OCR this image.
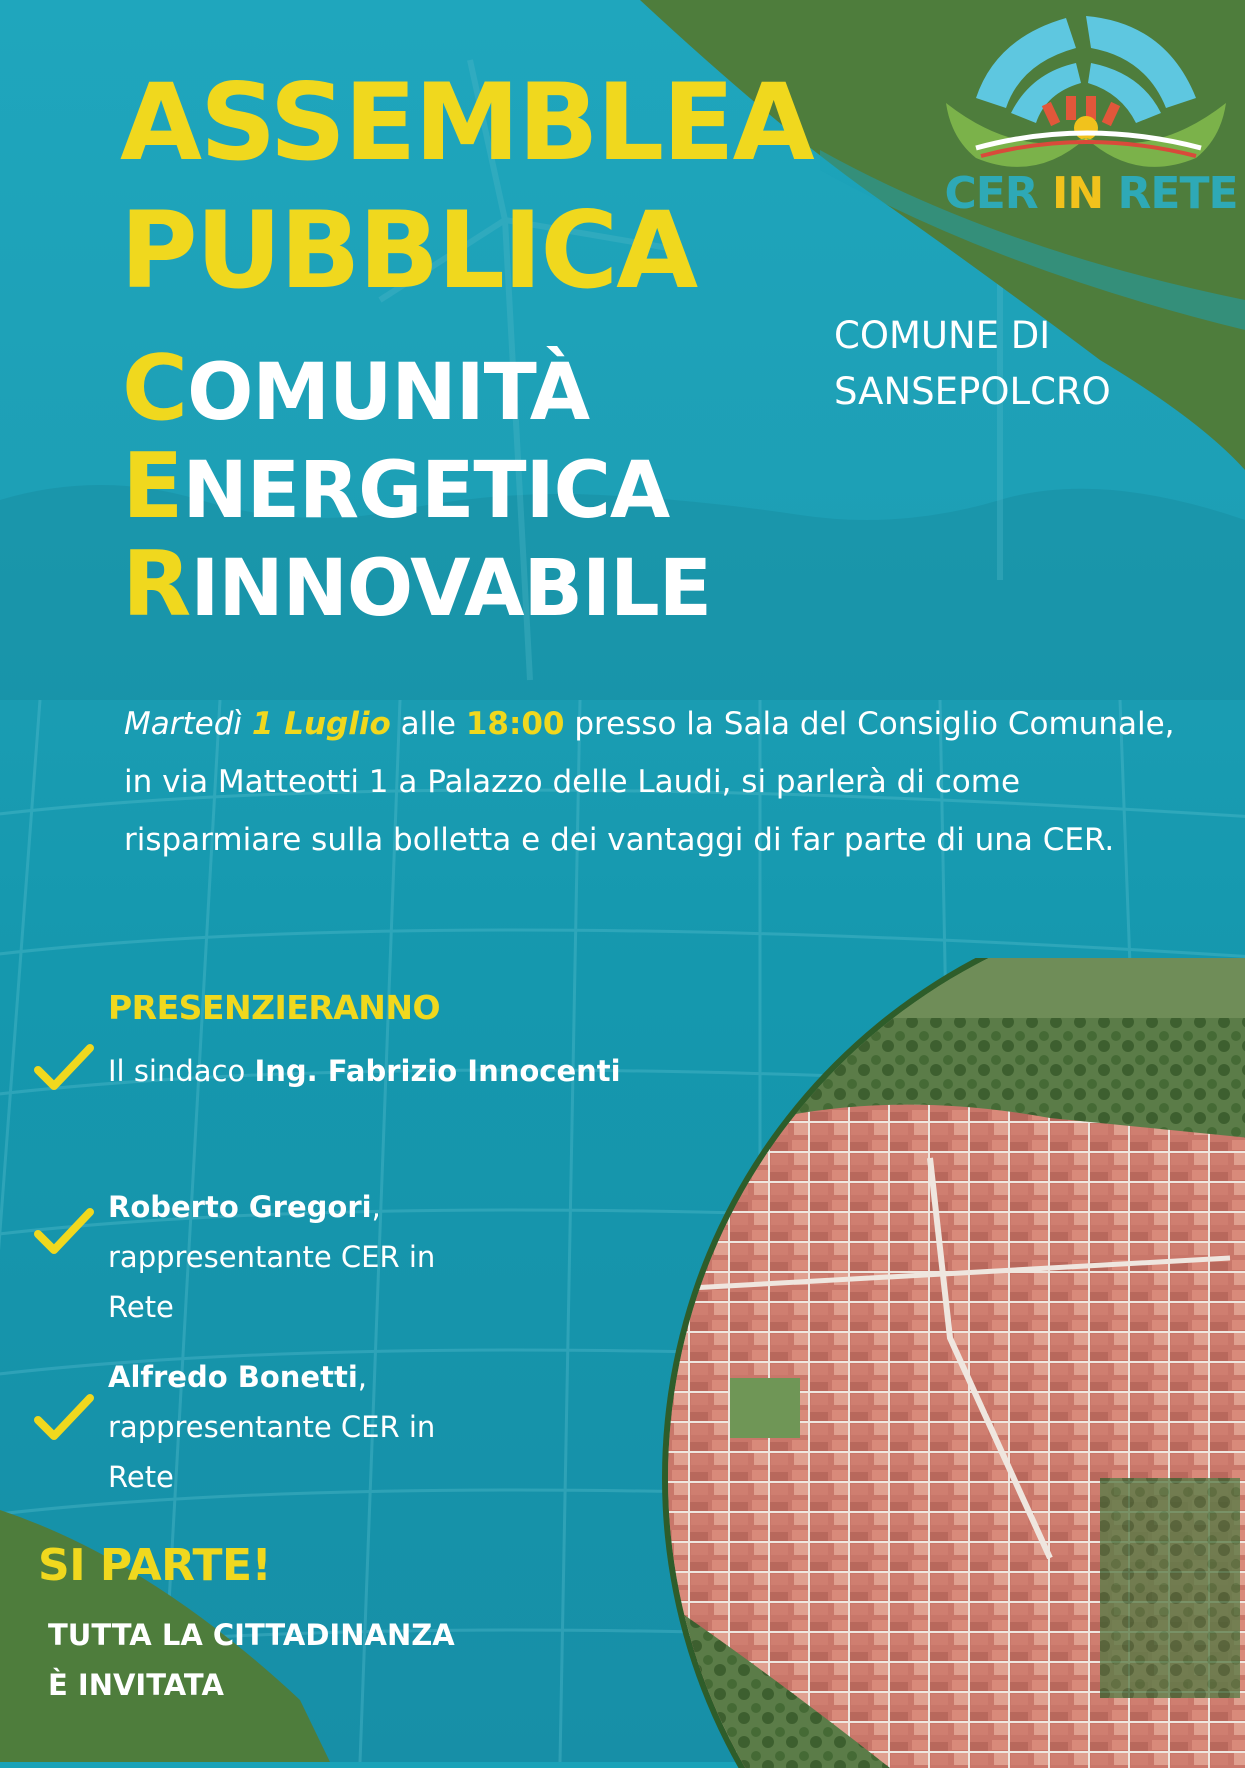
CER IN RETE
ASSEMBLEA
PUBBLICA
COMUNITÀ
ENERGETICA
RINNOVABILE
COMUNE DI
SANSEPOLCRO
Martedì 1 Luglio alle 18:00 presso la Sala del Consiglio Comunale, in via Matteotti 1 a Palazzo delle Laudi, si parlerà di come risparmiare sulla bolletta e dei vantaggi di far parte di una CER.
PRESENZIERANNO
Il sindaco Ing. Fabrizio Innocenti
Roberto Gregori, rappresentante CER in Rete
Alfredo Bonetti, rappresentante CER in Rete
SI PARTE!
TUTTA LA CITTADINANZA
È INVITATA
